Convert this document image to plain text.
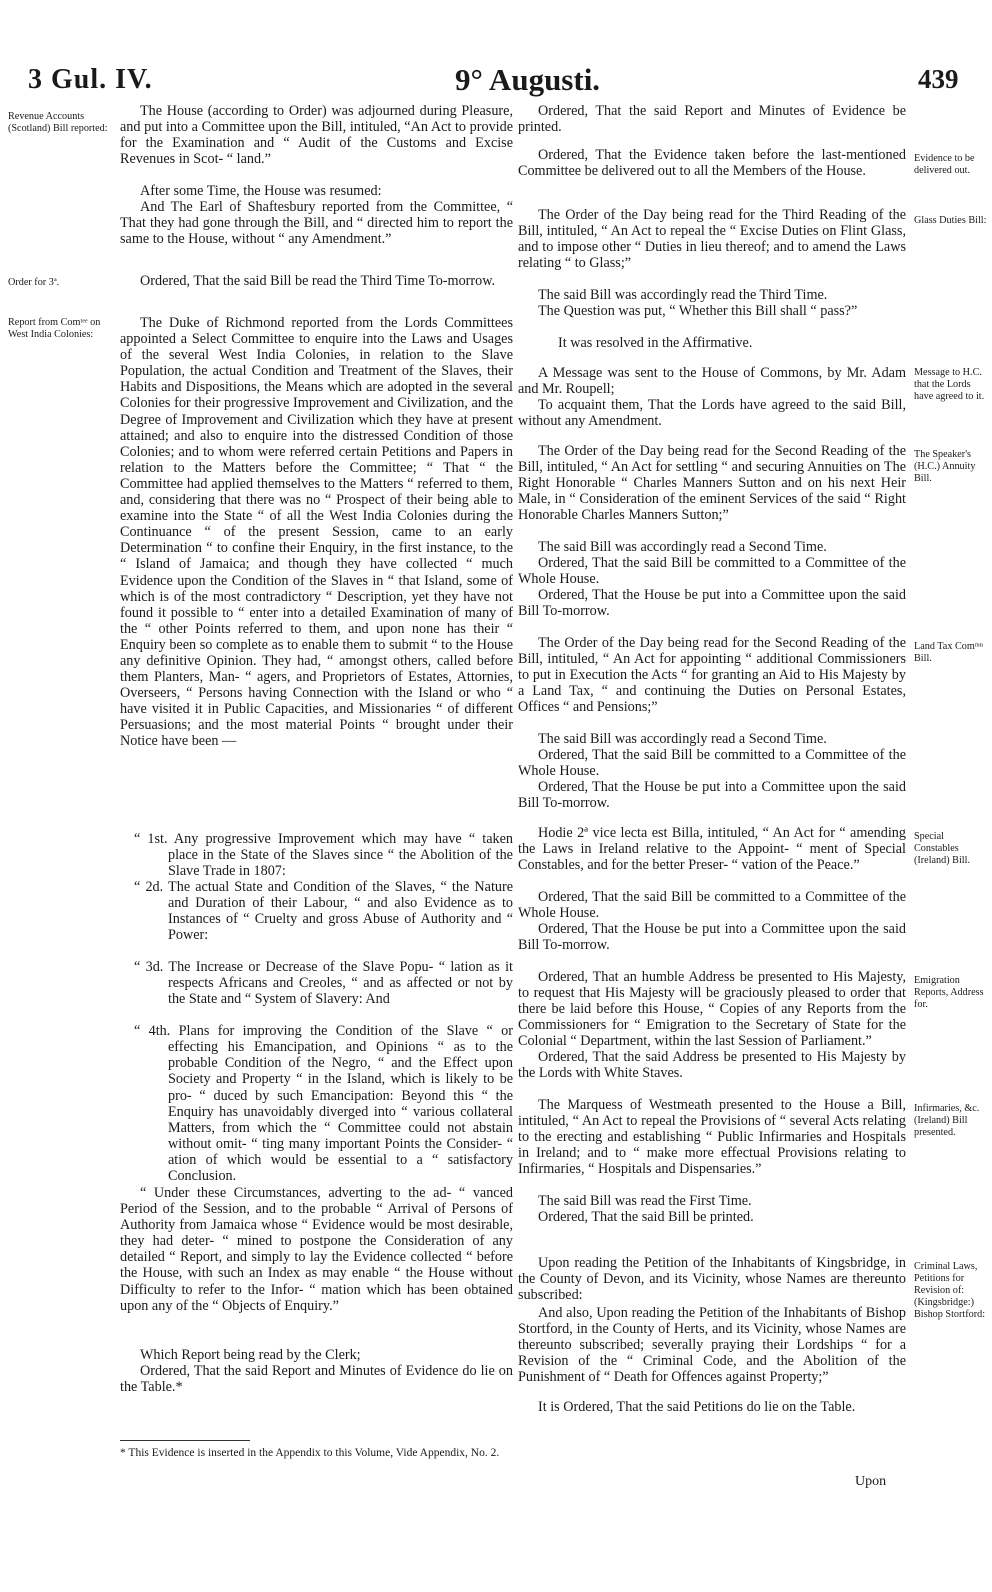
3 Gul. IV.	9° Augusti.	439
Revenue Accounts (Scotland) Bill reported:
Order for 3ª.
Report from Comᵗᵉᵉ on West India Colonies:

The House (according to Order) was adjourned during Pleasure, and put into a Committee upon the Bill, intituled, “An Act to provide for the Examination and “ Audit of the Customs and Excise Revenues in Scot- “ land.”

After some Time, the House was resumed:

And The Earl of Shaftesbury reported from the Committee, “ That they had gone through the Bill, and “ directed him to report the same to the House, without “ any Amendment.”

Ordered, That the said Bill be read the Third Time To-morrow.

The Duke of Richmond reported from the Lords Committees appointed a Select Committee to enquire into the Laws and Usages of the several West India Colonies, in relation to the Slave Population, the actual Condition and Treatment of the Slaves, their Habits and Dispositions, the Means which are adopted in the several Colonies for their progressive Improvement and Civilization, and the Degree of Improvement and Civilization which they have at present attained; and also to enquire into the distressed Condition of those Colonies; and to whom were referred certain Petitions and Papers in relation to the Matters before the Committee; “ That “ the Committee had applied themselves to the Matters “ referred to them, and, considering that there was no “ Prospect of their being able to examine into the State “ of all the West India Colonies during the Continuance “ of the present Session, came to an early Determination “ to confine their Enquiry, in the first instance, to the “ Island of Jamaica; and though they have collected “ much Evidence upon the Condition of the Slaves in “ that Island, some of which is of the most contradictory “ Description, yet they have not found it possible to “ enter into a detailed Examination of many of the “ other Points referred to them, and upon none has their “ Enquiry been so complete as to enable them to submit “ to the House any definitive Opinion. They had, “ amongst others, called before them Planters, Man- “ agers, and Proprietors of Estates, Attornies, Overseers, “ Persons having Connection with the Island or who “ have visited it in Public Capacities, and Missionaries “ of different Persuasions; and the most material Points “ brought under their Notice have been —

“ 1st. Any progressive Improvement which may have “ taken place in the State of the Slaves since “ the Abolition of the Slave Trade in 1807:

“ 2d. The actual State and Condition of the Slaves, “ the Nature and Duration of their Labour, “ and also Evidence as to Instances of “ Cruelty and gross Abuse of Authority and “ Power:

“ 3d. The Increase or Decrease of the Slave Popu- “ lation as it respects Africans and Creoles, “ and as affected or not by the State and “ System of Slavery: And

“ 4th. Plans for improving the Condition of the Slave “ or effecting his Emancipation, and Opinions “ as to the probable Condition of the Negro, “ and the Effect upon Society and Property “ in the Island, which is likely to be pro- “ duced by such Emancipation: Beyond this “ the Enquiry has unavoidably diverged into “ various collateral Matters, from which the “ Committee could not abstain without omit- “ ting many important Points the Consider- “ ation of which would be essential to a “ satisfactory Conclusion.

“ Under these Circumstances, adverting to the ad- “ vanced Period of the Session, and to the probable “ Arrival of Persons of Authority from Jamaica whose “ Evidence would be most desirable, they had deter- “ mined to postpone the Consideration of any detailed “ Report, and simply to lay the Evidence collected “ before the House, with such an Index as may enable “ the House without Difficulty to refer to the Infor- “ mation which has been obtained upon any of the “ Objects of Enquiry.”

Which Report being read by the Clerk;

Ordered, That the said Report and Minutes of Evidence do lie on the Table.*

Ordered, That the said Report and Minutes of Evidence be printed.

Ordered, That the Evidence taken before the last-mentioned Committee be delivered out to all the Members of the House.

The Order of the Day being read for the Third Reading of the Bill, intituled, “ An Act to repeal the “ Excise Duties on Flint Glass, and to impose other “ Duties in lieu thereof; and to amend the Laws relating “ to Glass;”

The said Bill was accordingly read the Third Time.

The Question was put, “ Whether this Bill shall “ pass?”

It was resolved in the Affirmative.

A Message was sent to the House of Commons, by Mr. Adam and Mr. Roupell;

To acquaint them, That the Lords have agreed to the said Bill, without any Amendment.

The Order of the Day being read for the Second Reading of the Bill, intituled, “ An Act for settling “ and securing Annuities on The Right Honorable “ Charles Manners Sutton and on his next Heir Male, in “ Consideration of the eminent Services of the said “ Right Honorable Charles Manners Sutton;”

The said Bill was accordingly read a Second Time.

Ordered, That the said Bill be committed to a Committee of the Whole House.

Ordered, That the House be put into a Committee upon the said Bill To-morrow.

The Order of the Day being read for the Second Reading of the Bill, intituled, “ An Act for appointing “ additional Commissioners to put in Execution the Acts “ for granting an Aid to His Majesty by a Land Tax, “ and continuing the Duties on Personal Estates, Offices “ and Pensions;”

The said Bill was accordingly read a Second Time.

Ordered, That the said Bill be committed to a Committee of the Whole House.

Ordered, That the House be put into a Committee upon the said Bill To-morrow.

Hodie 2ª vice lecta est Billa, intituled, “ An Act for “ amending the Laws in Ireland relative to the Appoint- “ ment of Special Constables, and for the better Preser- “ vation of the Peace.”

Ordered, That the said Bill be committed to a Committee of the Whole House.

Ordered, That the House be put into a Committee upon the said Bill To-morrow.

Ordered, That an humble Address be presented to His Majesty, to request that His Majesty will be graciously pleased to order that there be laid before this House, “ Copies of any Reports from the Commissioners for “ Emigration to the Secretary of State for the Colonial “ Department, within the last Session of Parliament.”

Ordered, That the said Address be presented to His Majesty by the Lords with White Staves.

The Marquess of Westmeath presented to the House a Bill, intituled, “ An Act to repeal the Provisions of “ several Acts relating to the erecting and establishing “ Public Infirmaries and Hospitals in Ireland; and to “ make more effectual Provisions relating to Infirmaries, “ Hospitals and Dispensaries.”

The said Bill was read the First Time.

Ordered, That the said Bill be printed.

Upon reading the Petition of the Inhabitants of Kingsbridge, in the County of Devon, and its Vicinity, whose Names are thereunto subscribed:

And also, Upon reading the Petition of the Inhabitants of Bishop Stortford, in the County of Herts, and its Vicinity, whose Names are thereunto subscribed; severally praying their Lordships “ for a Revision of the “ Criminal Code, and the Abolition of the Punishment of “ Death for Offences against Property;”

It is Ordered, That the said Petitions do lie on the Table.

Evidence to be delivered out.
Glass Duties Bill:
Message to H.C. that the Lords have agreed to it.
The Speaker's (H.C.) Annuity Bill.
Land Tax Comᵐⁿ Bill.
Special Constables (Ireland) Bill.
Emigration Reports, Address for.
Infirmaries, &c. (Ireland) Bill presented.
Criminal Laws, Petitions for Revision of: (Kingsbridge:) Bishop Stortford:
* This Evidence is inserted in the Appendix to this Volume, Vide Appendix, No. 2.
Upon
